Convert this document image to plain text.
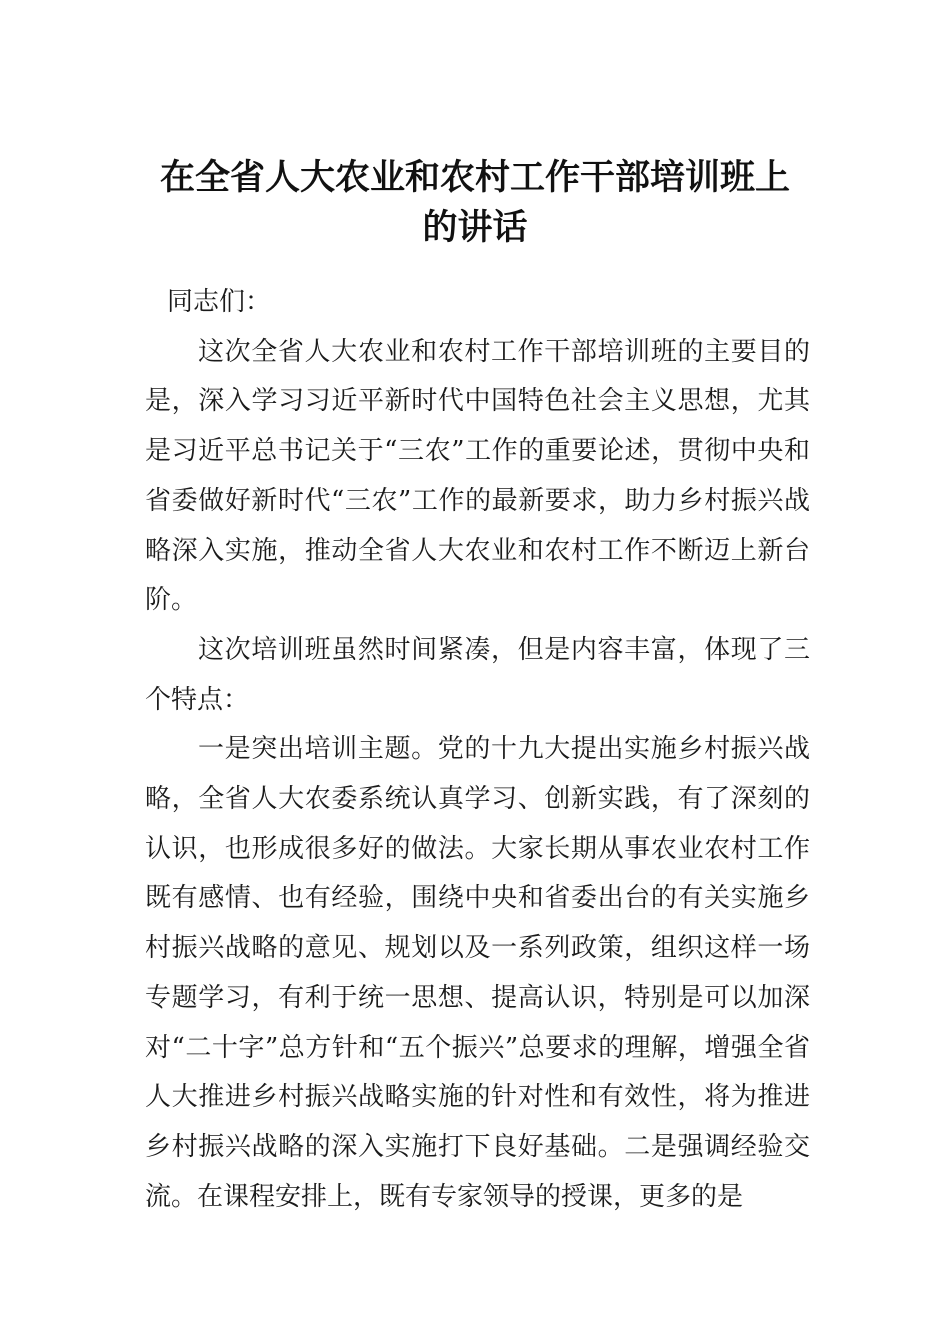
在全省人大农业和农村工作干部培训班上
的讲话

同志们：

这次全省人大农业和农村工作干部培训班的主要目的是，深入学习习近平新时代中国特色社会主义思想，尤其是习近平总书记关于“三农”工作的重要论述，贯彻中央和省委做好新时代“三农”工作的最新要求，助力乡村振兴战略深入实施，推动全省人大农业和农村工作不断迈上新台阶。

这次培训班虽然时间紧凑，但是内容丰富，体现了三个特点：

一是突出培训主题。党的十九大提出实施乡村振兴战略，全省人大农委系统认真学习、创新实践，有了深刻的认识，也形成很多好的做法。大家长期从事农业农村工作既有感情、也有经验，围绕中央和省委出台的有关实施乡村振兴战略的意见、规划以及一系列政策，组织这样一场专题学习，有利于统一思想、提高认识，特别是可以加深对“二十字”总方针和“五个振兴”总要求的理解，增强全省人大推进乡村振兴战略实施的针对性和有效性，将为推进乡村振兴战略的深入实施打下良好基础。二是强调经验交流。在课程安排上，既有专家领导的授课，更多的是
